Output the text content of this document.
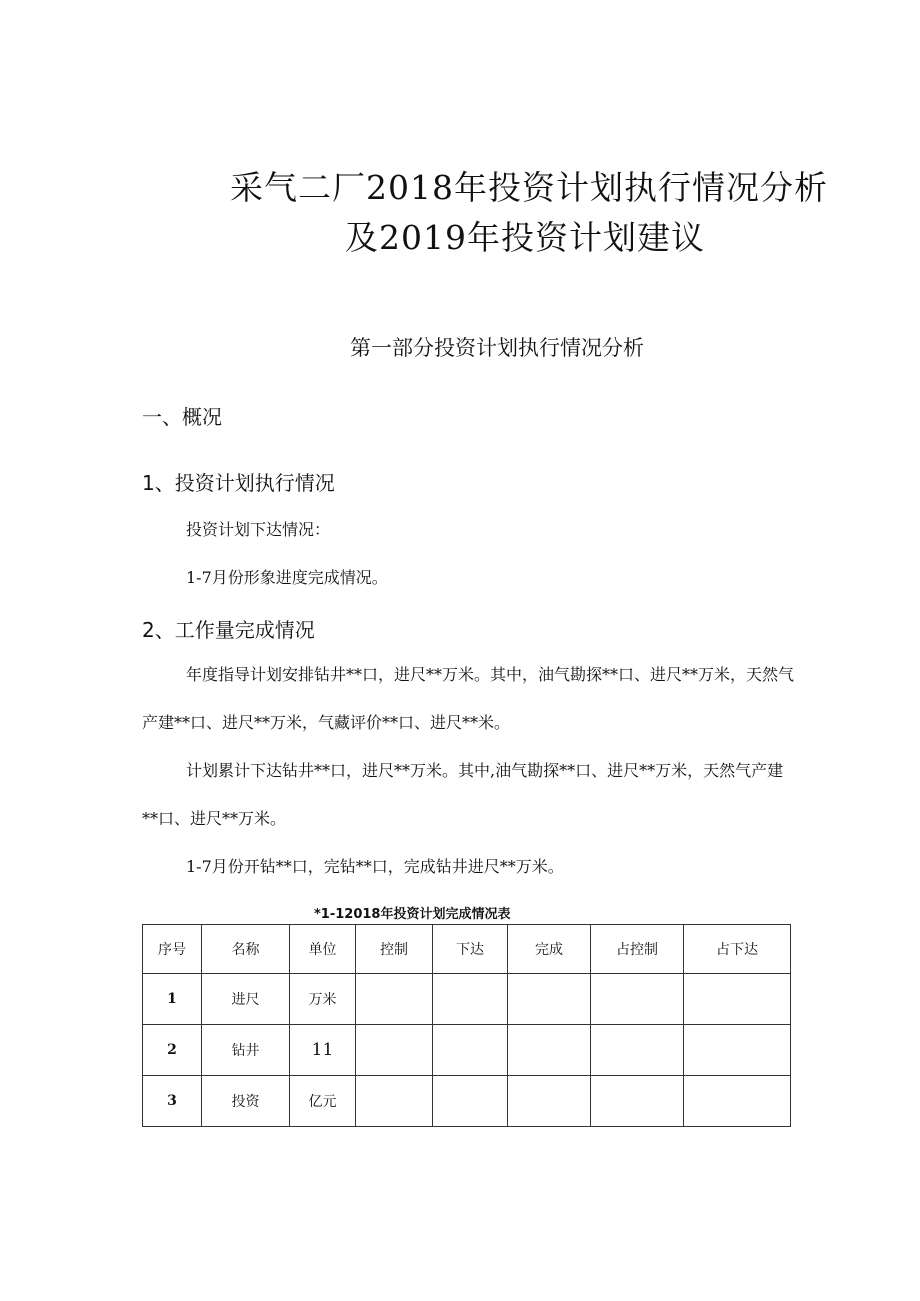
采气二厂2018年投资计划执行情况分析
及2019年投资计划建议
第一部分投资计划执行情况分析
一、概况
1、投资计划执行情况
投资计划下达情况：
1-7月份形象进度完成情况。
2、工作量完成情况
年度指导计划安排钻井**口，进尺**万米。其中，油气勘探**口、进尺**万米，天然气
产建**口、进尺**万米，气藏评价**口、进尺**米。
计划累计下达钻井**口，进尺**万米。其中,油气勘探**口、进尺**万米，天然气产建
**口、进尺**万米。
1-7月份开钻**口，完钻**口，完成钻井进尺**万米。
*1-12018年投资计划完成情况表
序号	名称	单位	控制	下达	完成	占控制	占下达
1	进尺	万米					
2	钻井	11					
3	投资	亿元					
